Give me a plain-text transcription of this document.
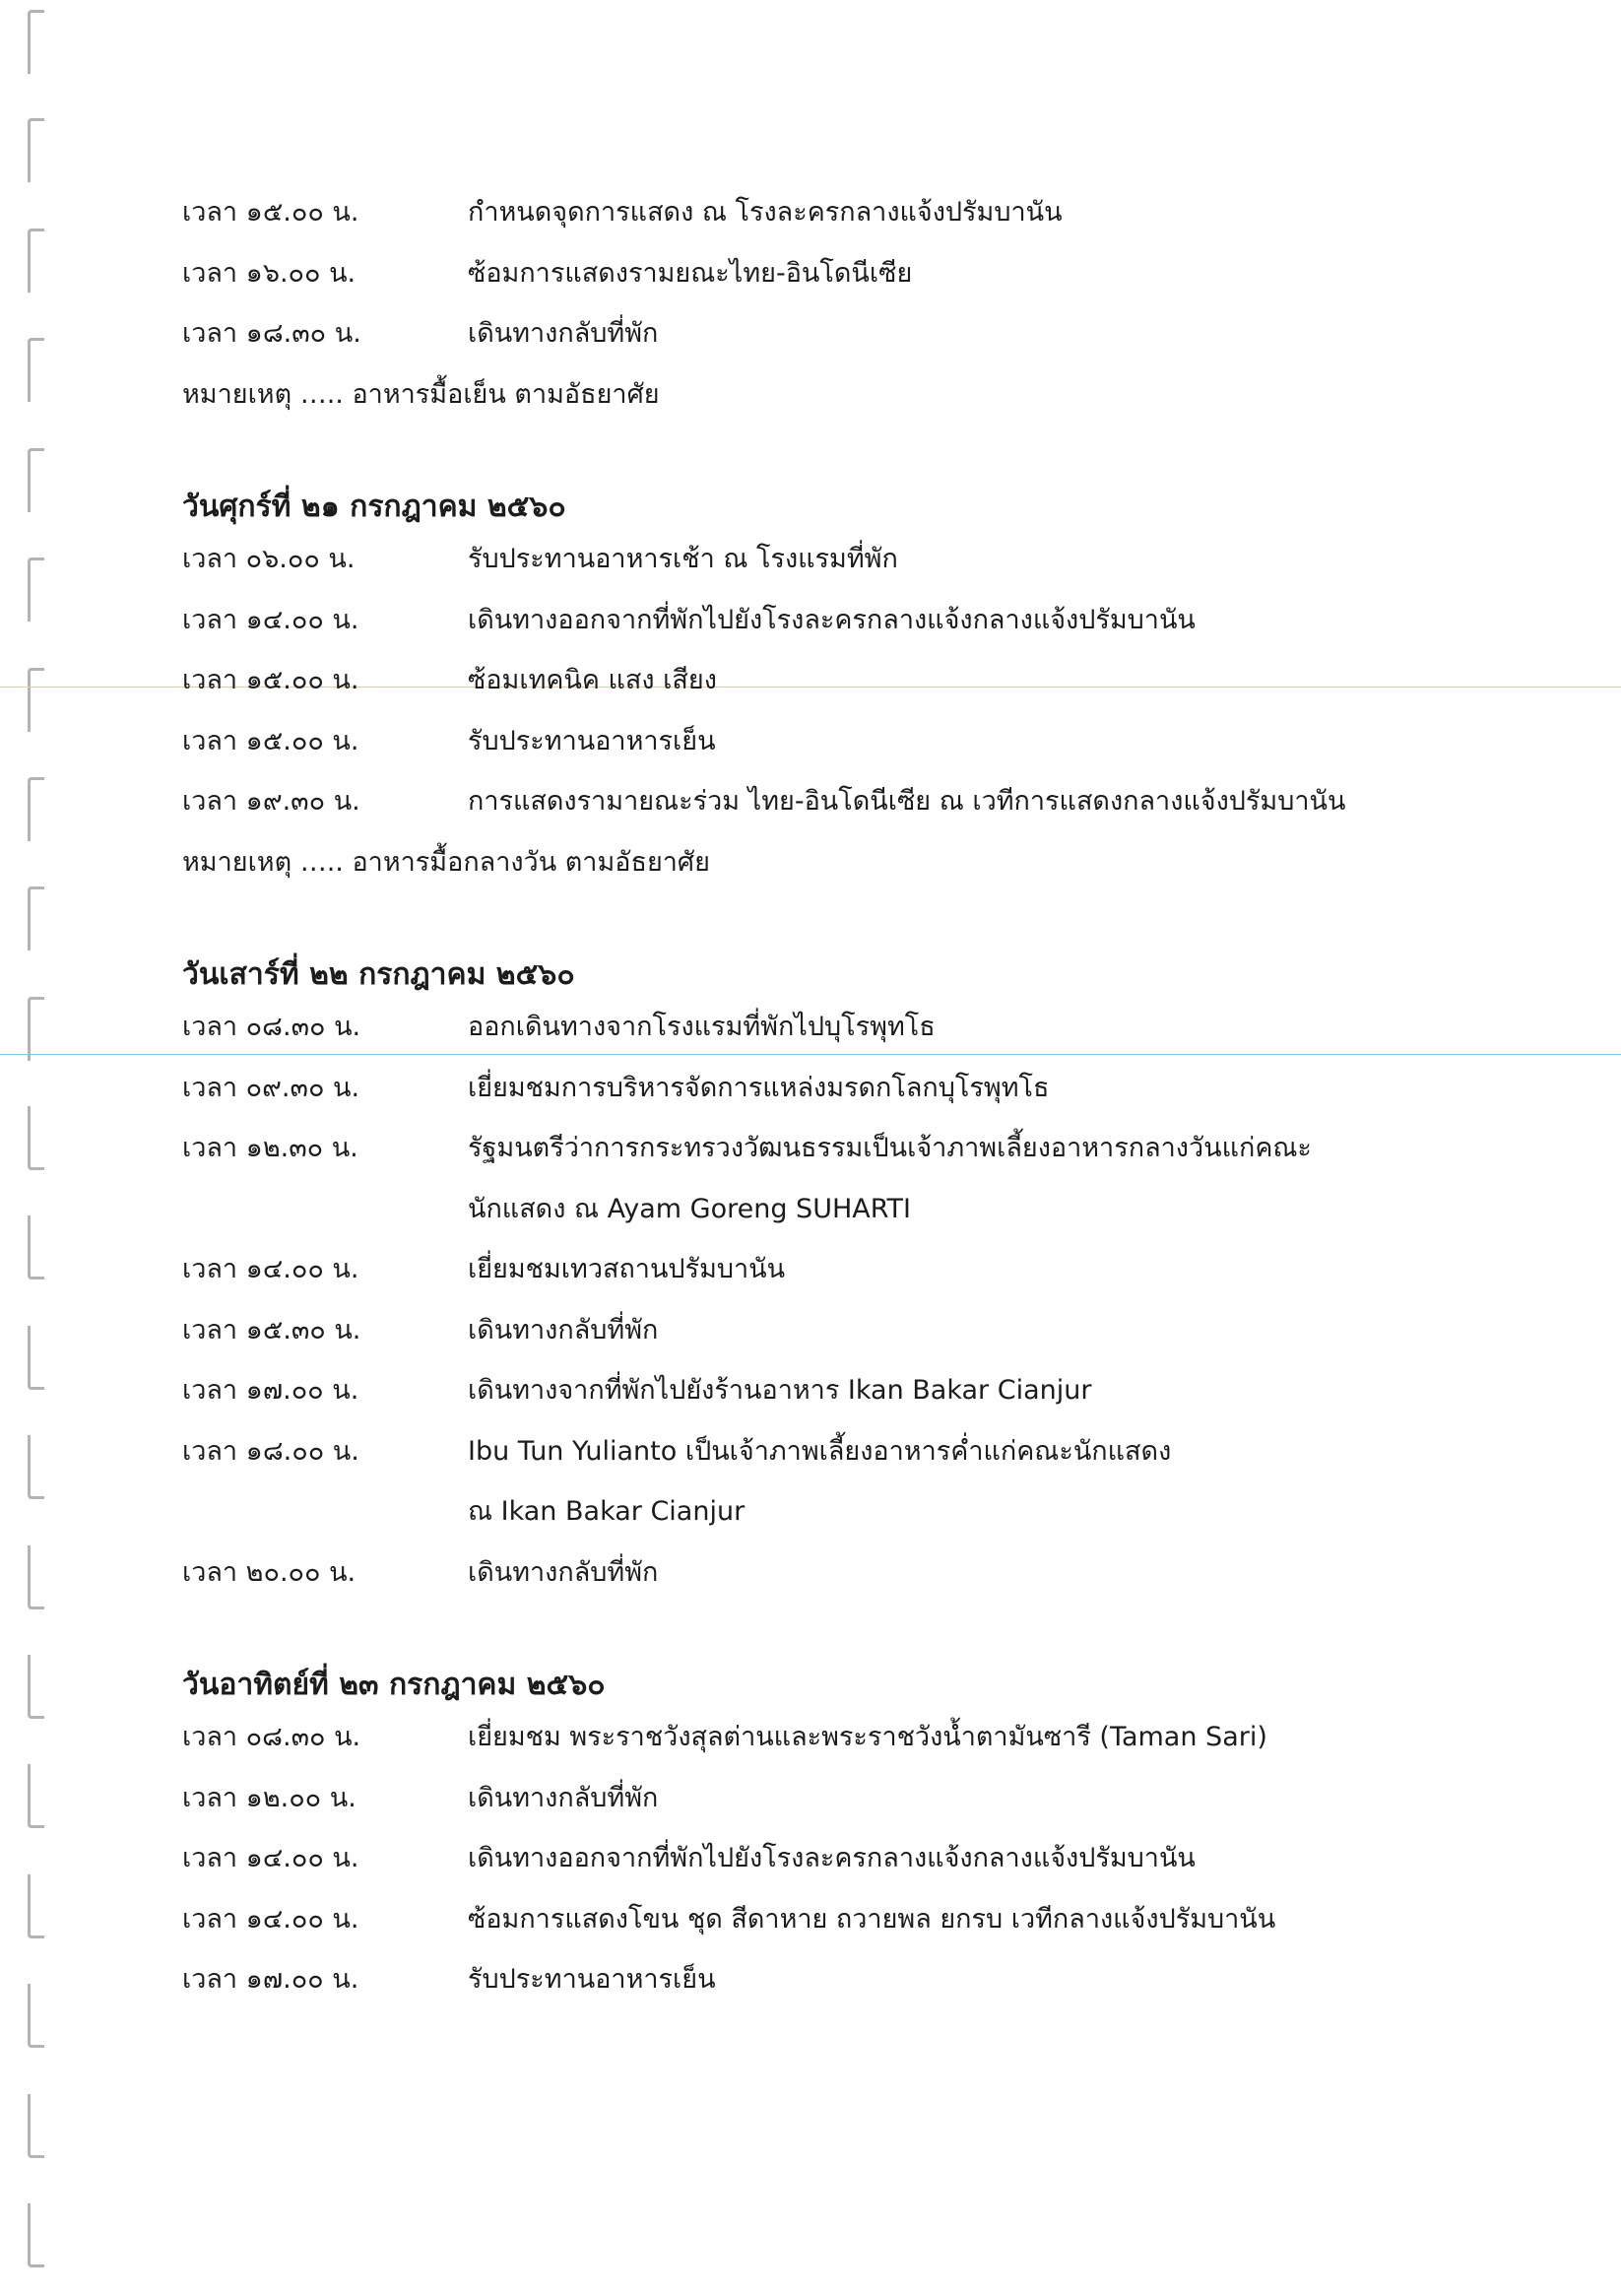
เวลา ๑๕.๐๐ น.	กำหนดจุดการแสดง ณ โรงละครกลางแจ้งปรัมบานัน
เวลา ๑๖.๐๐ น.	ซ้อมการแสดงรามยณะไทย-อินโดนีเซีย
เวลา ๑๘.๓๐ น.	เดินทางกลับที่พัก
หมายเหตุ ….. อาหารมื้อเย็น ตามอัธยาศัย
วันศุกร์ที่ ๒๑ กรกฎาคม ๒๕๖๐
เวลา ๐๖.๐๐ น.	รับประทานอาหารเช้า ณ โรงแรมที่พัก
เวลา ๑๔.๐๐ น.	เดินทางออกจากที่พักไปยังโรงละครกลางแจ้งกลางแจ้งปรัมบานัน
เวลา ๑๕.๐๐ น.	ซ้อมเทคนิค แสง เสียง
เวลา ๑๕.๐๐ น.	รับประทานอาหารเย็น
เวลา ๑๙.๓๐ น.	การแสดงรามายณะร่วม ไทย-อินโดนีเซีย ณ เวทีการแสดงกลางแจ้งปรัมบานัน
หมายเหตุ ….. อาหารมื้อกลางวัน ตามอัธยาศัย
วันเสาร์ที่ ๒๒ กรกฎาคม ๒๕๖๐
เวลา ๐๘.๓๐ น.	ออกเดินทางจากโรงแรมที่พักไปบุโรพุทโธ
เวลา ๐๙.๓๐ น.	เยี่ยมชมการบริหารจัดการแหล่งมรดกโลกบุโรพุทโธ
เวลา ๑๒.๓๐ น.	รัฐมนตรีว่าการกระทรวงวัฒนธรรมเป็นเจ้าภาพเลี้ยงอาหารกลางวันแก่คณะ
นักแสดง ณ Ayam Goreng SUHARTI
เวลา ๑๔.๐๐ น.	เยี่ยมชมเทวสถานปรัมบานัน
เวลา ๑๕.๓๐ น.	เดินทางกลับที่พัก
เวลา ๑๗.๐๐ น.	เดินทางจากที่พักไปยังร้านอาหาร Ikan Bakar Cianjur
เวลา ๑๘.๐๐ น.	Ibu Tun Yulianto เป็นเจ้าภาพเลี้ยงอาหารค่ำแก่คณะนักแสดง
ณ Ikan Bakar Cianjur
เวลา ๒๐.๐๐ น.	เดินทางกลับที่พัก
วันอาทิตย์ที่ ๒๓ กรกฎาคม ๒๕๖๐
เวลา ๐๘.๓๐ น.	เยี่ยมชม พระราชวังสุลต่านและพระราชวังน้ำตามันซารี (Taman Sari)
เวลา ๑๒.๐๐ น.	เดินทางกลับที่พัก
เวลา ๑๔.๐๐ น.	เดินทางออกจากที่พักไปยังโรงละครกลางแจ้งกลางแจ้งปรัมบานัน
เวลา ๑๔.๐๐ น.	ซ้อมการแสดงโขน ชุด สีดาหาย ถวายพล ยกรบ เวทีกลางแจ้งปรัมบานัน
เวลา ๑๗.๐๐ น.	รับประทานอาหารเย็น
